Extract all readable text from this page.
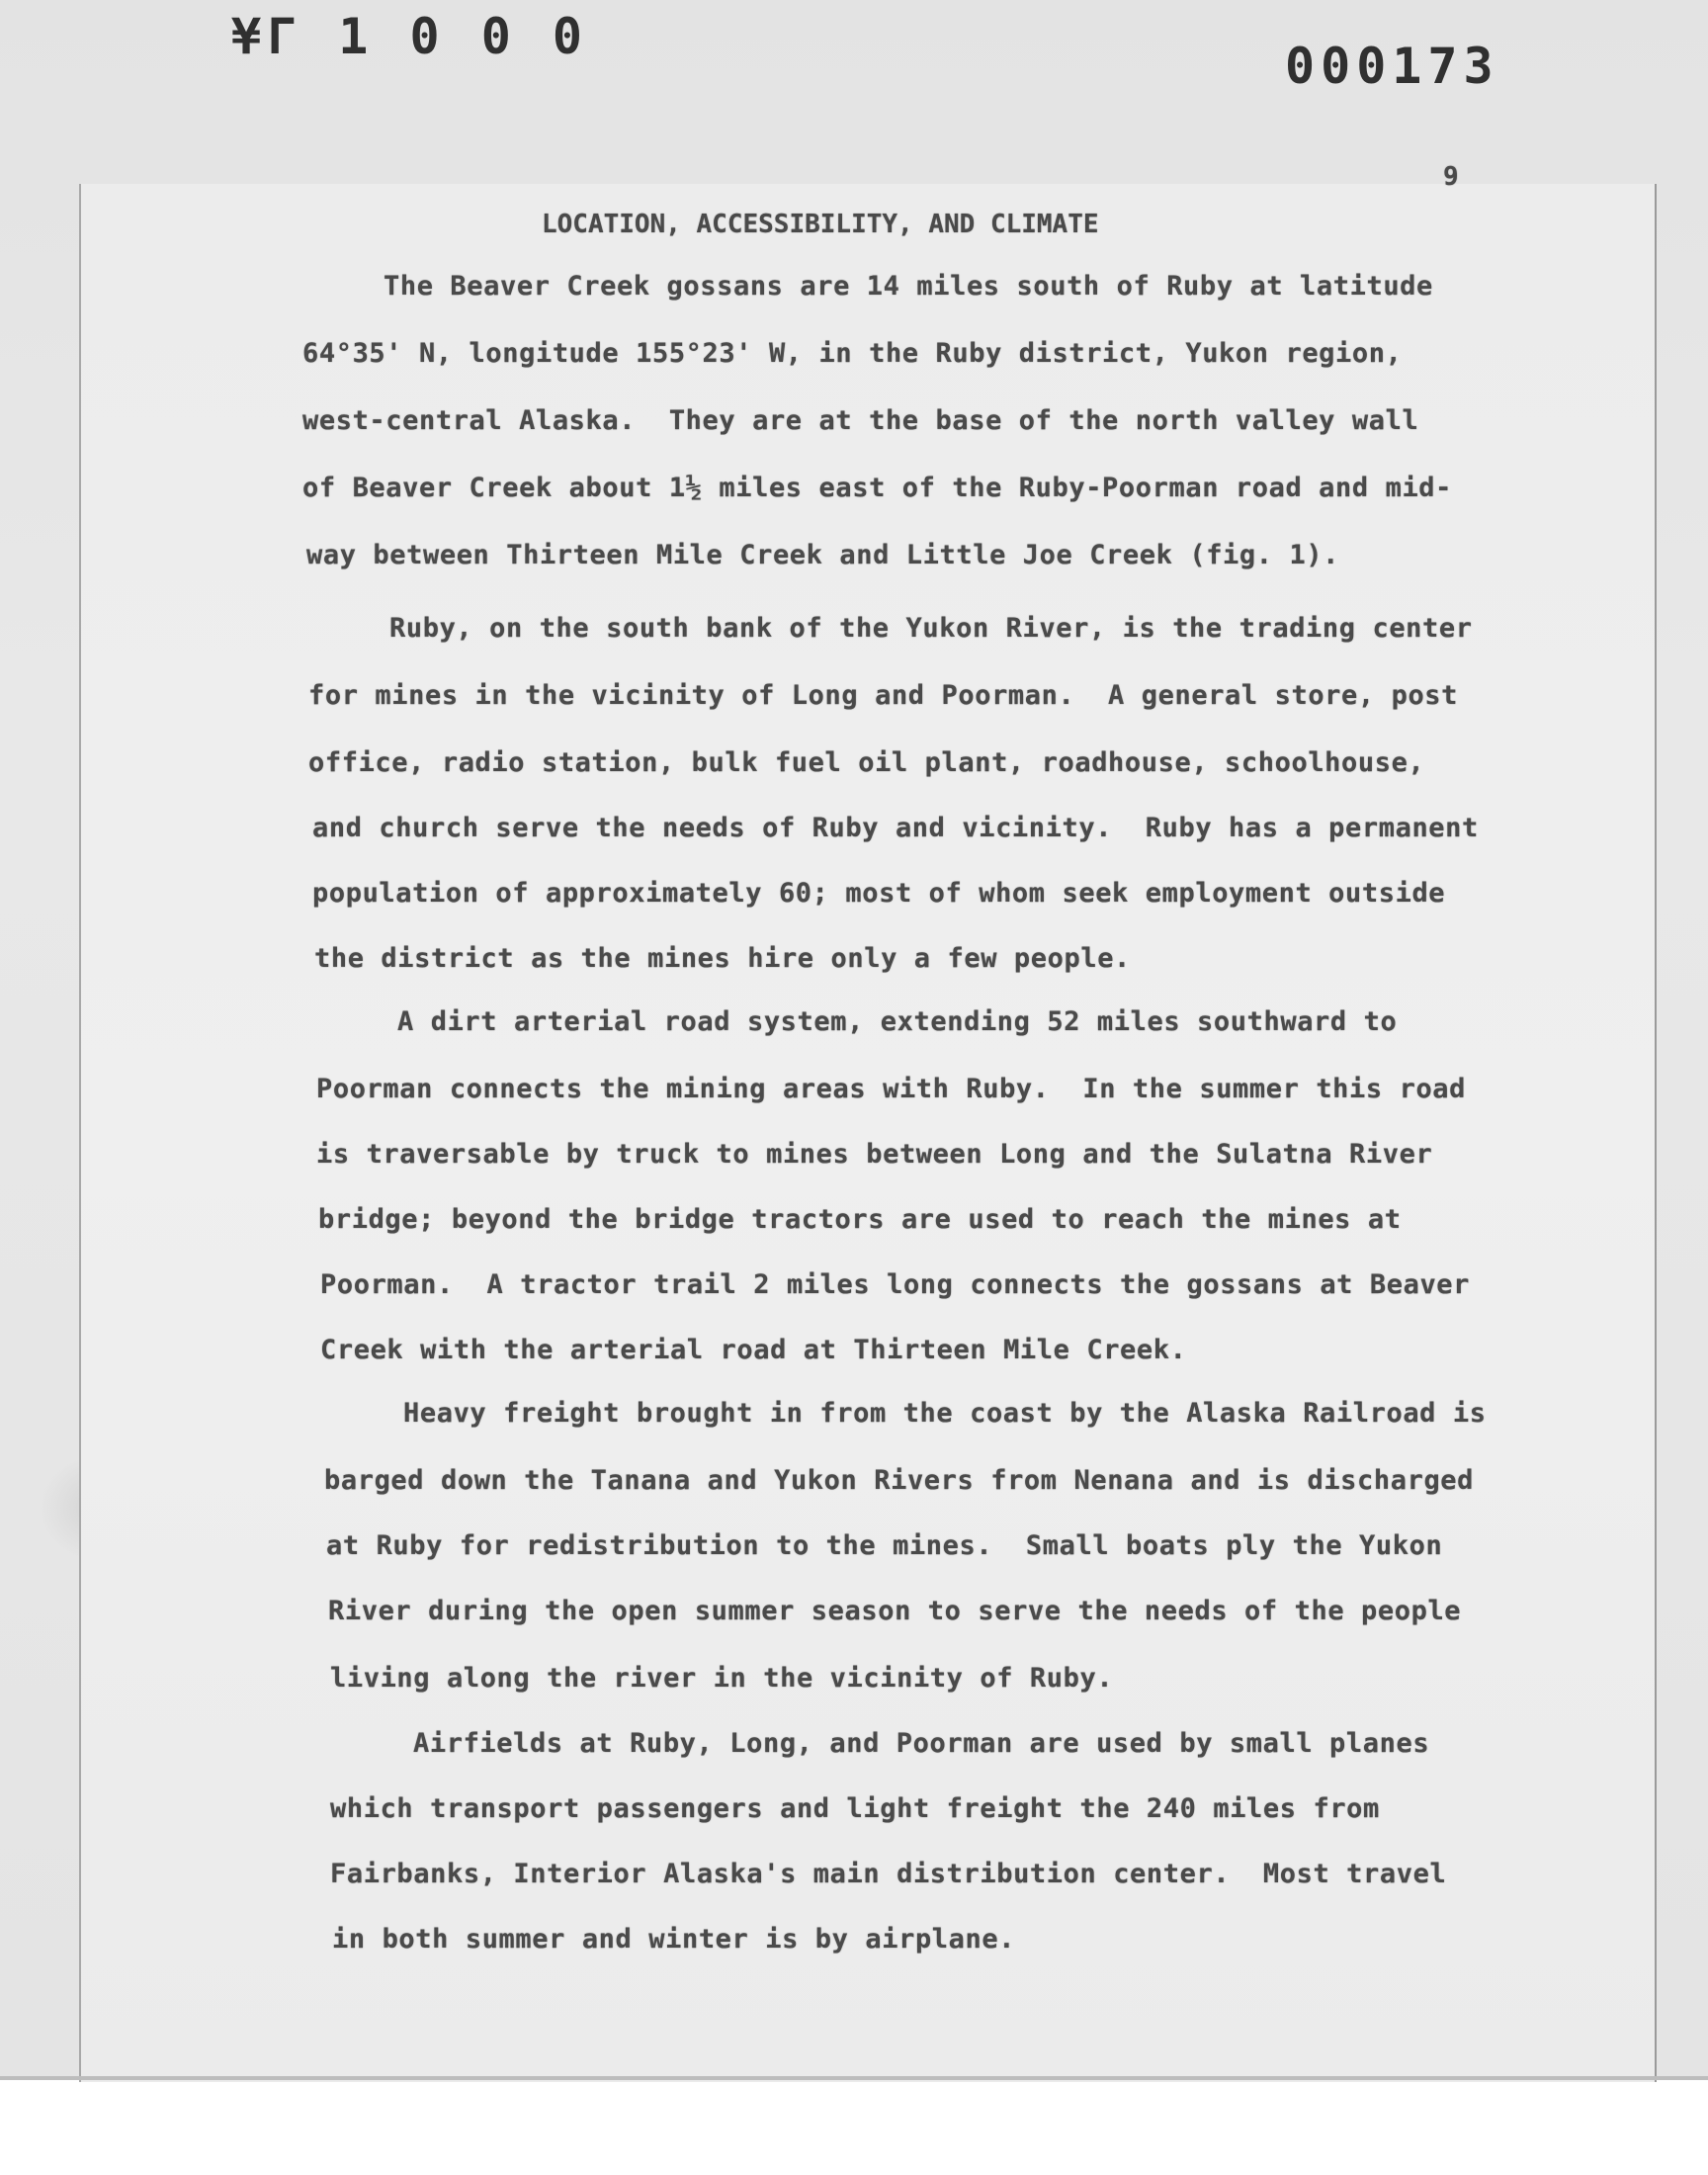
¥Γ 1 0 0 0
000173
9
LOCATION, ACCESSIBILITY, AND CLIMATE
The Beaver Creek gossans are 14 miles south of Ruby at latitude
64°35' N, longitude 155°23' W, in the Ruby district, Yukon region,
west-central Alaska.  They are at the base of the north valley wall
of Beaver Creek about 1½ miles east of the Ruby-Poorman road and mid-
way between Thirteen Mile Creek and Little Joe Creek (fig. 1).
Ruby, on the south bank of the Yukon River, is the trading center
for mines in the vicinity of Long and Poorman.  A general store, post
office, radio station, bulk fuel oil plant, roadhouse, schoolhouse,
and church serve the needs of Ruby and vicinity.  Ruby has a permanent
population of approximately 60; most of whom seek employment outside
the district as the mines hire only a few people.
A dirt arterial road system, extending 52 miles southward to
Poorman connects the mining areas with Ruby.  In the summer this road
is traversable by truck to mines between Long and the Sulatna River
bridge; beyond the bridge tractors are used to reach the mines at
Poorman.  A tractor trail 2 miles long connects the gossans at Beaver
Creek with the arterial road at Thirteen Mile Creek.
Heavy freight brought in from the coast by the Alaska Railroad is
barged down the Tanana and Yukon Rivers from Nenana and is discharged
at Ruby for redistribution to the mines.  Small boats ply the Yukon
River during the open summer season to serve the needs of the people
living along the river in the vicinity of Ruby.
Airfields at Ruby, Long, and Poorman are used by small planes
which transport passengers and light freight the 240 miles from
Fairbanks, Interior Alaska's main distribution center.  Most travel
in both summer and winter is by airplane.
